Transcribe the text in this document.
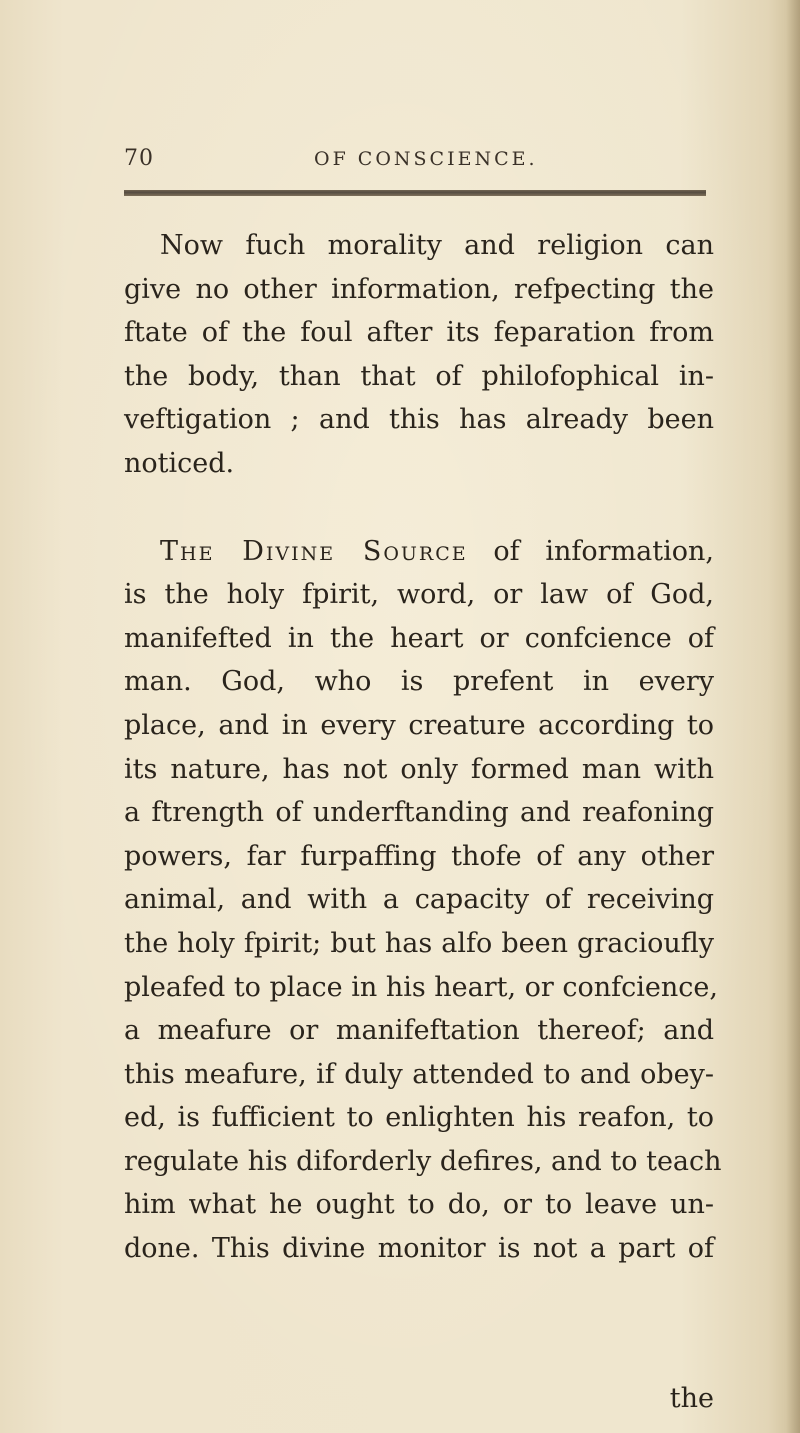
70	OF CONSCIENCE.
Now fuch morality and religion can
give no other information, refpecting the
ftate of the foul after its feparation from
the body, than that of philofophical in-
veftigation ; and this has already been
noticed.
The Divine Source of information,
is the holy fpirit, word, or law of God,
manifefted in the heart or confcience of
man. God, who is prefent in every
place, and in every creature according to
its nature, has not only formed man with
a ftrength of underftanding and reafoning
powers, far furpaffing thofe of any other
animal, and with a capacity of receiving
the holy fpirit; but has alfo been gracioufly
pleafed to place in his heart, or confcience,
a meafure or manifeftation thereof; and
this meafure, if duly attended to and obey-
ed, is fufficient to enlighten his reafon, to
regulate his diforderly defires, and to teach
him what he ought to do, or to leave un-
done. This divine monitor is not a part of
the
